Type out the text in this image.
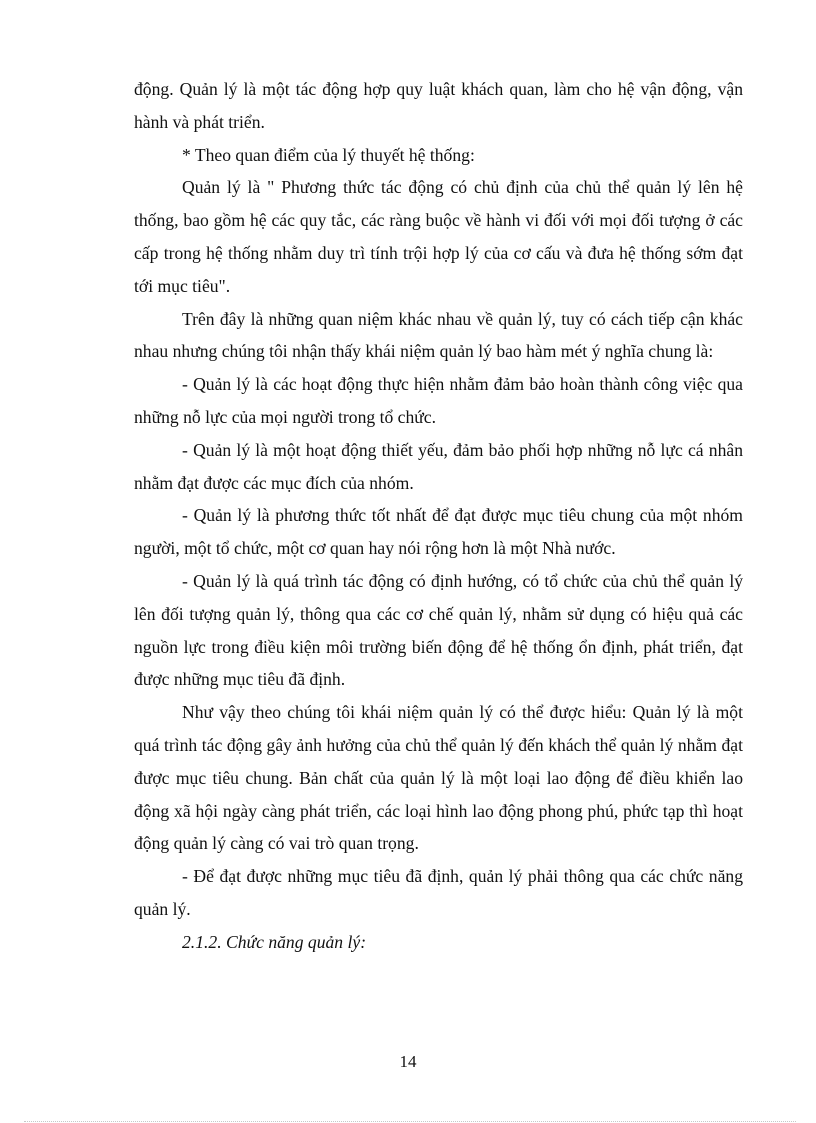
động. Quản lý là một tác động hợp quy luật khách quan, làm cho hệ vận động, vận hành và phát triển.

* Theo quan điểm của lý thuyết hệ thống:

Quản lý là " Phương thức tác động có chủ định của chủ thể quản lý lên hệ thống, bao gồm hệ các quy tắc, các ràng buộc về hành vi đối với mọi đối tượng ở các cấp trong hệ thống nhằm duy trì tính trội hợp lý của cơ cấu và đưa hệ thống sớm đạt tới mục tiêu".

Trên đây là những quan niệm khác nhau về quản lý, tuy có cách tiếp cận khác nhau nhưng chúng tôi nhận thấy khái niệm quản lý bao hàm mét ý nghĩa chung là:

- Quản lý là các hoạt động thực hiện nhằm đảm bảo hoàn thành công việc qua những nỗ lực của mọi người trong tổ chức.

- Quản lý là một hoạt động thiết yếu, đảm bảo phối hợp những nỗ lực cá nhân nhằm đạt được các mục đích của nhóm.

- Quản lý là phương thức tốt nhất để đạt được mục tiêu chung của một nhóm người, một tổ chức, một cơ quan hay nói rộng hơn là một Nhà nước.

- Quản lý là quá trình tác động có định hướng, có tổ chức của chủ thể quản lý lên đối tượng quản lý, thông qua các cơ chế quản lý, nhằm sử dụng có hiệu quả các nguồn lực trong điều kiện môi trường biến động để hệ thống ổn định, phát triển, đạt được những mục tiêu đã định.

Như vậy theo chúng tôi khái niệm quản lý có thể được hiểu: Quản lý là một quá trình tác động gây ảnh hưởng của chủ thể quản lý đến khách thể quản lý nhằm đạt được mục tiêu chung. Bản chất của quản lý là một loại lao động để điều khiển lao động xã hội ngày càng phát triển, các loại hình lao động phong phú, phức tạp thì hoạt động quản lý càng có vai trò quan trọng.

- Để đạt được những mục tiêu đã định, quản lý phải thông qua các chức năng quản lý.

2.1.2. Chức năng quản lý:

14
